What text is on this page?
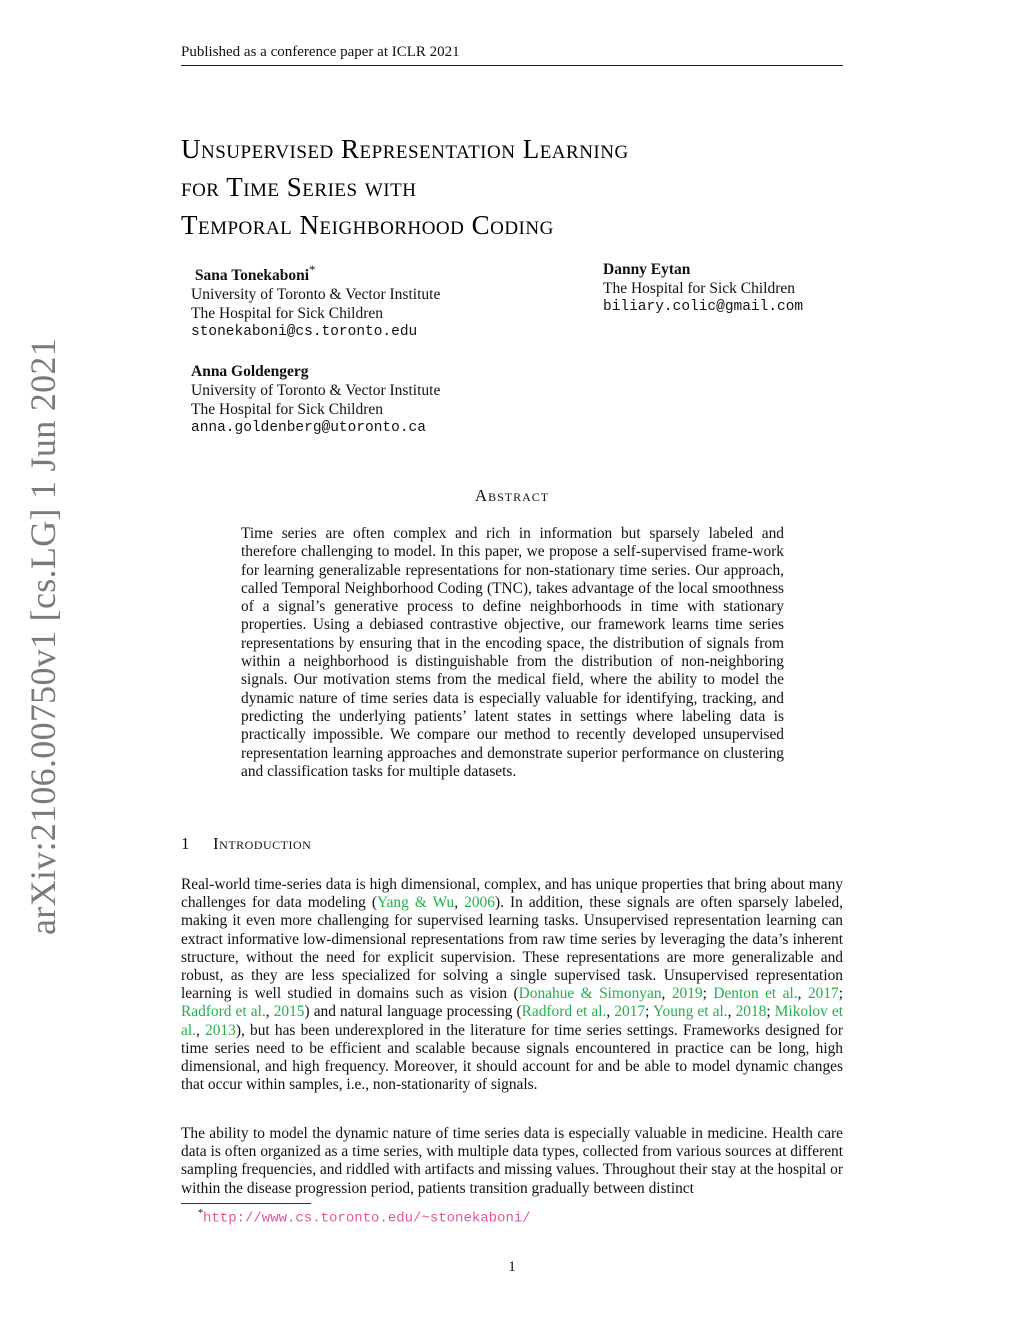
Published as a conference paper at ICLR 2021
arXiv:2106.00750v1 [cs.LG] 1 Jun 2021
Unsupervised Representation Learning
for Time Series with
Temporal Neighborhood Coding
Sana Tonekaboni*
University of Toronto & Vector Institute
The Hospital for Sick Children
stonekaboni@cs.toronto.edu
Danny Eytan
The Hospital for Sick Children
biliary.colic@gmail.com
Anna Goldengerg
University of Toronto & Vector Institute
The Hospital for Sick Children
anna.goldenberg@utoronto.ca
Abstract
Time series are often complex and rich in information but sparsely labeled and therefore challenging to model. In this paper, we propose a self-supervised frame-work for learning generalizable representations for non-stationary time series. Our approach, called Temporal Neighborhood Coding (TNC), takes advantage of the local smoothness of a signal’s generative process to define neighborhoods in time with stationary properties. Using a debiased contrastive objective, our framework learns time series representations by ensuring that in the encoding space, the distribution of signals from within a neighborhood is distinguishable from the distribution of non-neighboring signals. Our motivation stems from the medical field, where the ability to model the dynamic nature of time series data is especially valuable for identifying, tracking, and predicting the underlying patients’ latent states in settings where labeling data is practically impossible. We compare our method to recently developed unsupervised representation learning approaches and demonstrate superior performance on clustering and classification tasks for multiple datasets.
1 Introduction
Real-world time-series data is high dimensional, complex, and has unique properties that bring about many challenges for data modeling (Yang & Wu, 2006). In addition, these signals are often sparsely labeled, making it even more challenging for supervised learning tasks. Unsupervised representation learning can extract informative low-dimensional representations from raw time series by leveraging the data’s inherent structure, without the need for explicit supervision. These representations are more generalizable and robust, as they are less specialized for solving a single supervised task. Unsupervised representation learning is well studied in domains such as vision (Donahue & Simonyan, 2019; Denton et al., 2017; Radford et al., 2015) and natural language processing (Radford et al., 2017; Young et al., 2018; Mikolov et al., 2013), but has been underexplored in the literature for time series settings. Frameworks designed for time series need to be efficient and scalable because signals encountered in practice can be long, high dimensional, and high frequency. Moreover, it should account for and be able to model dynamic changes that occur within samples, i.e., non-stationarity of signals.
The ability to model the dynamic nature of time series data is especially valuable in medicine. Health care data is often organized as a time series, with multiple data types, collected from various sources at different sampling frequencies, and riddled with artifacts and missing values. Throughout their stay at the hospital or within the disease progression period, patients transition gradually between distinct
*http://www.cs.toronto.edu/~stonekaboni/
1
